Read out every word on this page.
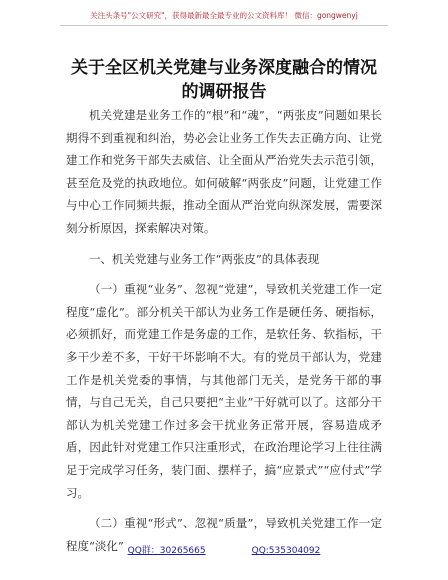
关注头条号"公文研究"，获得最新最全最专业的公文资料库！ 微信：gongwenyj
关于全区机关党建与业务深度融合的情况的调研报告

机关党建是业务工作的“根”和“魂”，“两张皮”问题如果长期得不到重视和纠治，势必会让业务工作失去正确方向、让党建工作和党务干部失去威信、让全面从严治党失去示范引领，甚至危及党的执政地位。如何破解“两张皮”问题，让党建工作与中心工作同频共振，推动全面从严治党向纵深发展，需要深刻分析原因，探索解决对策。

一、机关党建与业务工作“两张皮”的具体表现

（一）重视“业务”、忽视“党建”，导致机关党建工作一定程度“虚化”。部分机关干部认为业务工作是硬任务、硬指标，必须抓好，而党建工作是务虚的工作，是软任务、软指标，干多干少差不多，干好干坏影响不大。有的党员干部认为，党建工作是机关党委的事情，与其他部门无关，是党务干部的事情，与自己无关，自己只要把“主业”干好就可以了。这部分干部认为机关党建工作过多会干扰业务正常开展，容易造成矛盾，因此针对党建工作只注重形式，在政治理论学习上往往满足于完成学习任务，装门面、摆样子，搞“应景式”“应付式”学习。

（二）重视“形式”、忽视“质量”，导致机关党建工作一定程度“淡化” QQ群：30265665	QQ:535304092
